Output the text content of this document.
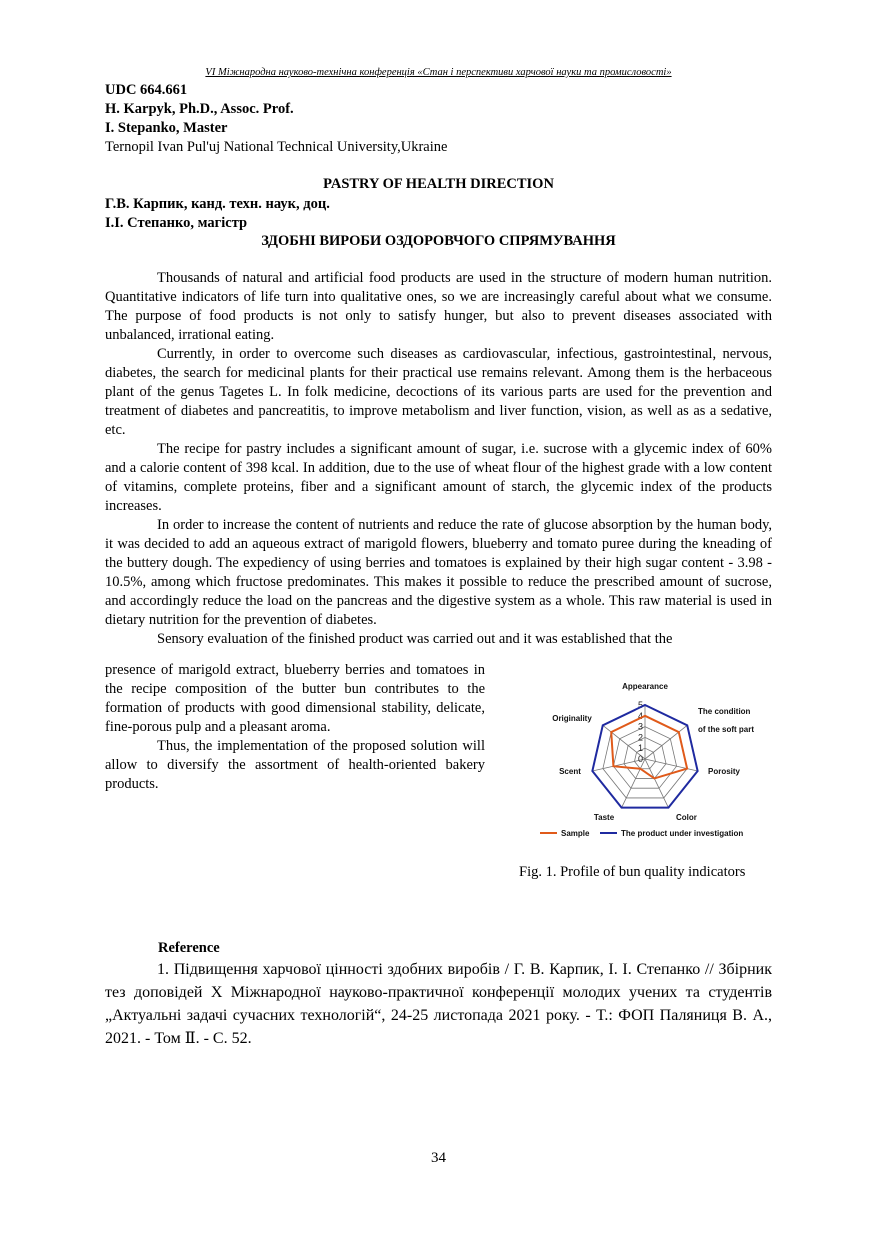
VI Міжнародна науково-технічна конференція «Стан і перспективи харчової науки та промисловості»
UDC 664.661
H. Karpyk, Ph.D., Assoc. Prof.
I. Stepanko, Master
Ternopil Ivan Pul'uj National Technical University,Ukraine
PASTRY OF HEALTH DIRECTION
Г.В. Карпик, канд. техн. наук, доц.
І.І. Степанко, магістр
ЗДОБНІ ВИРОБИ ОЗДОРОВЧОГО СПРЯМУВАННЯ

Thousands of natural and artificial food products are used in the structure of modern human nutrition. Quantitative indicators of life turn into qualitative ones, so we are increasingly careful about what we consume. The purpose of food products is not only to satisfy hunger, but also to prevent diseases associated with unbalanced, irrational eating.

Currently, in order to overcome such diseases as cardiovascular, infectious, gastrointestinal, nervous, diabetes, the search for medicinal plants for their practical use remains relevant. Among them is the herbaceous plant of the genus Tagetes L. In folk medicine, decoctions of its various parts are used for the prevention and treatment of diabetes and pancreatitis, to improve metabolism and liver function, vision, as well as as a sedative, etc.

The recipe for pastry includes a significant amount of sugar, i.e. sucrose with a glycemic index of 60% and a calorie content of 398 kcal. In addition, due to the use of wheat flour of the highest grade with a low content of vitamins, complete proteins, fiber and a significant amount of starch, the glycemic index of the products increases.

In order to increase the content of nutrients and reduce the rate of glucose absorption by the human body, it was decided to add an aqueous extract of marigold flowers, blueberry and tomato puree during the kneading of the buttery dough. The expediency of using berries and tomatoes is explained by their high sugar content - 3.98 - 10.5%, among which fructose predominates. This makes it possible to reduce the prescribed amount of sucrose, and accordingly reduce the load on the pancreas and the digestive system as a whole. This raw material is used in dietary nutrition for the prevention of diabetes.

Sensory evaluation of the finished product was carried out and it was established that the

presence of marigold extract, blueberry berries and tomatoes in the recipe composition of the butter bun contributes to the formation of products with good dimensional stability, delicate, fine-porous pulp and a pleasant aroma.

Thus, the implementation of the proposed solution will allow to diversify the assortment of health-oriented bakery products.

0
1
2
3
4
5
Appearance
The condition of the soft part
Porosity
Color
Taste
Scent
Originality
Sample	The product under investigation
Fig. 1. Profile of bun quality indicators
Reference

1. Підвищення харчової цінності здобних виробів / Г. В. Карпик, І. І. Степанко // Збірник тез доповідей Х Міжнародної науково-практичної конференції молодих учених та студентів „Актуальні задачі сучасних технологій“, 24-25 листопада 2021 року. - Т.: ФОП Паляниця В. А., 2021. - Том Ⅱ. - С. 52.

34
